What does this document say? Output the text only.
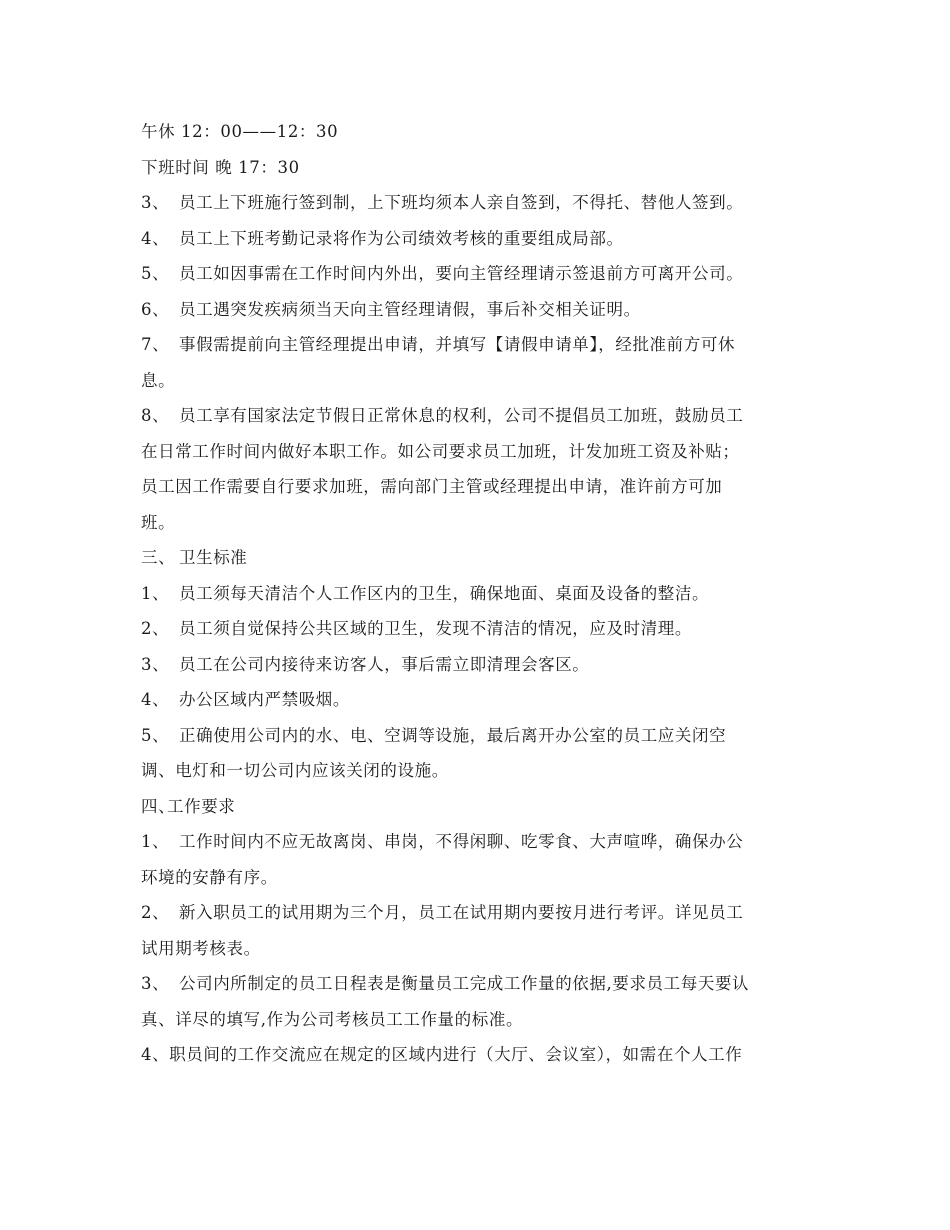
午休 12：00——12：30
下班时间 晚 17：30
3、 员工上下班施行签到制，上下班均须本人亲自签到，不得托、替他人签到。
4、 员工上下班考勤记录将作为公司绩效考核的重要组成局部。
5、 员工如因事需在工作时间内外出，要向主管经理请示签退前方可离开公司。
6、 员工遇突发疾病须当天向主管经理请假，事后补交相关证明。
7、 事假需提前向主管经理提出申请，并填写【请假申请单】，经批准前方可休
息。
8、 员工享有国家法定节假日正常休息的权利，公司不提倡员工加班，鼓励员工
在日常工作时间内做好本职工作。如公司要求员工加班，计发加班工资及补贴；
员工因工作需要自行要求加班，需向部门主管或经理提出申请，准许前方可加
班。
三、 卫生标准
1、 员工须每天清洁个人工作区内的卫生，确保地面、桌面及设备的整洁。
2、 员工须自觉保持公共区域的卫生，发现不清洁的情况，应及时清理。
3、 员工在公司内接待来访客人，事后需立即清理会客区。
4、 办公区域内严禁吸烟。
5、 正确使用公司内的水、电、空调等设施，最后离开办公室的员工应关闭空
调、电灯和一切公司内应该关闭的设施。
四、工作要求
1、 工作时间内不应无故离岗、串岗，不得闲聊、吃零食、大声喧哗，确保办公
环境的安静有序。
2、 新入职员工的试用期为三个月，员工在试用期内要按月进行考评。详见员工
试用期考核表。
3、 公司内所制定的员工日程表是衡量员工完成工作量的依据,要求员工每天要认
真、详尽的填写,作为公司考核员工工作量的标准。
4、职员间的工作交流应在规定的区域内进行（大厅、会议室），如需在个人工作
